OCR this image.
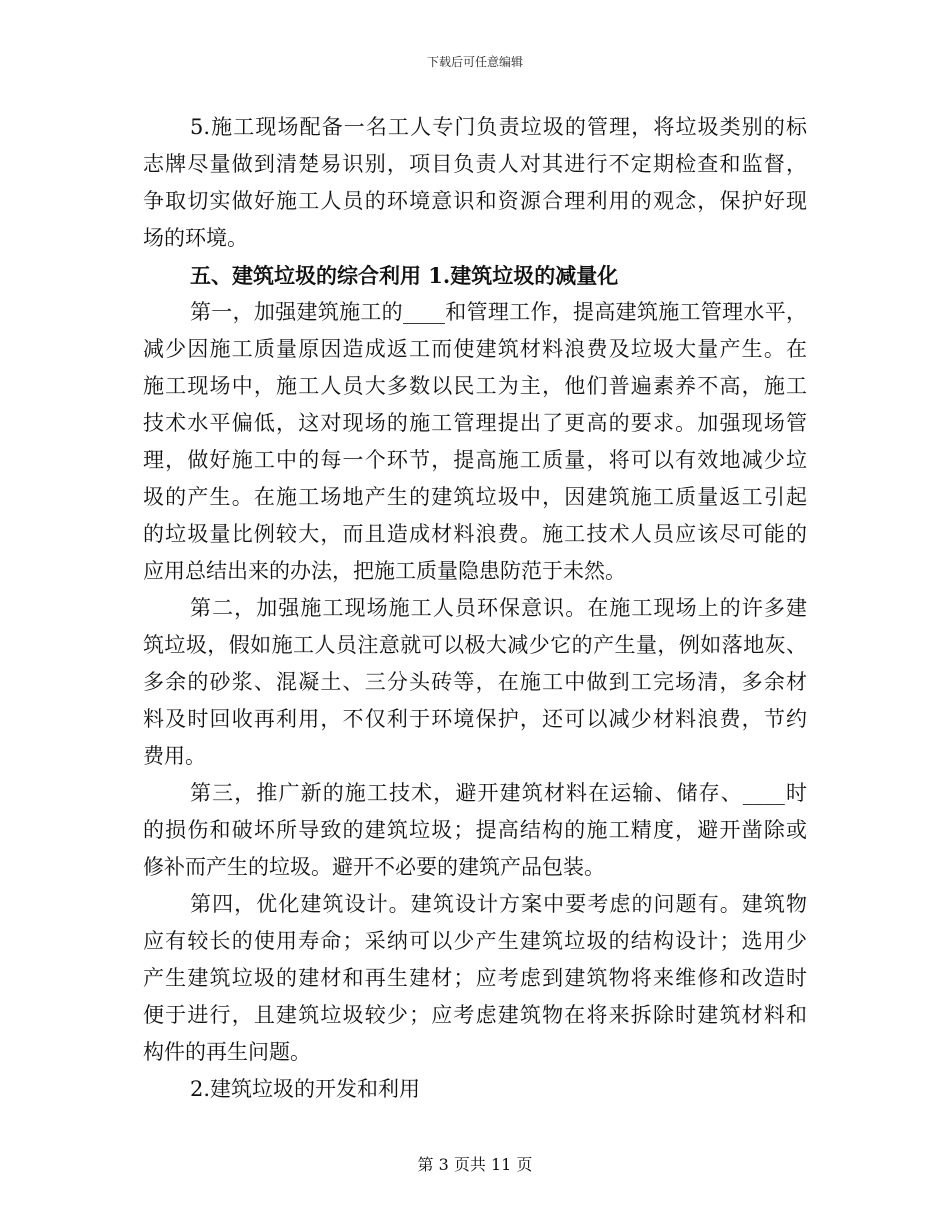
下载后可任意编辑
5.施工现场配备一名工人专门负责垃圾的管理，将垃圾类别的标
志牌尽量做到清楚易识别，项目负责人对其进行不定期检查和监督，
争取切实做好施工人员的环境意识和资源合理利用的观念，保护好现
场的环境。
五、建筑垃圾的综合利用 1.建筑垃圾的减量化
第一，加强建筑施工的____和管理工作，提高建筑施工管理水平，
减少因施工质量原因造成返工而使建筑材料浪费及垃圾大量产生。在
施工现场中，施工人员大多数以民工为主，他们普遍素养不高，施工
技术水平偏低，这对现场的施工管理提出了更高的要求。加强现场管
理，做好施工中的每一个环节，提高施工质量，将可以有效地减少垃
圾的产生。在施工场地产生的建筑垃圾中，因建筑施工质量返工引起
的垃圾量比例较大，而且造成材料浪费。施工技术人员应该尽可能的
应用总结出来的办法，把施工质量隐患防范于未然。
第二，加强施工现场施工人员环保意识。在施工现场上的许多建
筑垃圾，假如施工人员注意就可以极大减少它的产生量，例如落地灰、
多余的砂浆、混凝土、三分头砖等，在施工中做到工完场清，多余材
料及时回收再利用，不仅利于环境保护，还可以减少材料浪费，节约
费用。
第三，推广新的施工技术，避开建筑材料在运输、储存、____时
的损伤和破坏所导致的建筑垃圾；提高结构的施工精度，避开凿除或
修补而产生的垃圾。避开不必要的建筑产品包装。
第四，优化建筑设计。建筑设计方案中要考虑的问题有。建筑物
应有较长的使用寿命；采纳可以少产生建筑垃圾的结构设计；选用少
产生建筑垃圾的建材和再生建材；应考虑到建筑物将来维修和改造时
便于进行，且建筑垃圾较少；应考虑建筑物在将来拆除时建筑材料和
构件的再生问题。
2.建筑垃圾的开发和利用
第 3 页共 11 页
